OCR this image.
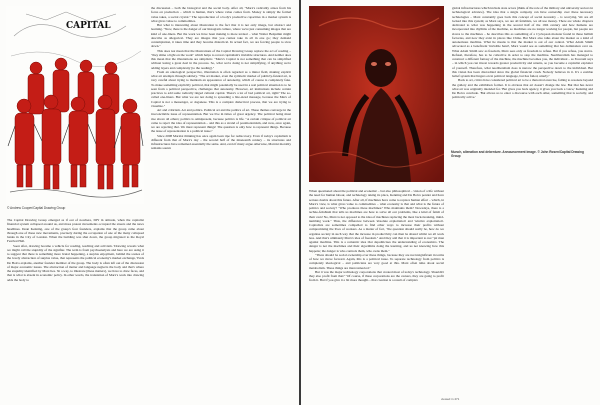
CAPITAL
© Andrew Cooper/Capital Drawing Group

The Capital Drawing Group emerged as if out of nowhere, DIY in attitude, when the capitalist financial system collapsed around us, and mass protest movements occupied the streets and the news headlines. Dean Kenning, one of the group's four founders, explains that the group came about through one of these new movements, precisely during the occupation of one of the many collapsed banks in the City of London. When the building was shut down, the group migrated to the Royal Festival Hall.

Soon after, drawing became a vehicle for reading, teaching and activism. 'Drawing reveals what we might call the stupidity of the signifier. The term is from psychoanalysis and here we are using it to suggest that there is something more brutal happening, a surplus enjoyment, behind the scenes of the lovely abstraction of surplus value, that represents the political economy's market exchange,' Ends De Bolca explains, another founder member of the group. The body is often left out of the discussion of major economic issues. The abstraction of matter and language neglects the body and that's where the stupidity identified by Marx lies. 'In a way, to illustrate [these matters], we have to draw faces, and that is what is absent in economic policy. In other words, the translation of Marx's work into drawing adds the body to

the discussion – both the biological and the social body. After all, "Marx's radicality arises from his focus on production – which is human, that's where value comes from. Money is simply the formal value takes, a social crystal." The reproduction of a body's productive capacities in a market system is what gives value to commodities.

But what is interesting about illustration is the fact that it is not only image, but abstract and learning. "Now, there is the danger of our Instagram culture, where we're just consuming images that are kind of one-liners. But the work we have been making is more textual – what Walter Benjamin might describe as allegorical. They are images that you cannot take in all in one go; they demand contemplation, it takes time and they become dialectical. In actual fact, we are forcing people to slow down."

This does not mean that the illustrations of the Capital Drawing Group replace the act of reading – "they shine a light on the work" which helps to reveal capitalism's invisible structures. And neither does this mean that the illustrations are simplistic. "Marx's Capital is not something that can be simplified without losing a great deal in the process. So, what we're doing is not simplifying, if anything we're adding layers and complexity [to the reading]."

From an ontological perspective, illustration is often regarded as a minor field, making explicit what art attempts through subtlety. "The art market, even the symbolic market of publicly-funded art, is very careful about trying to maintain an appearance of autonomy, which of course is completely fake. To make something explicitly political, that might potentially be used in a real political situation is to be seen from a political perspective, challenges that autonomy. However, art institutions include certain practices to add some radically tinged cultural capital. There's a lot of bad political art, right? The so-called one-liners. But what we are not doing is spreading a bite-sized message, because the Marx of Capital is not a messenger, or doganese. This is a complex dialectical process, that we are trying to visualize."

Art and criticism. Art and politics. Political art and the politics of art. These themes converge in the irreconcilable issue of representation. But we live in times of great urgency. The political being must rise above all others; politics is omnipresent, because politics is life. "A certain critique of political art came to reject the idea of representation – and this as a strand of postmodernism, and now, once again, we are rejecting that. We must represent things! The question is only how to represent things. Because the issue of representation is a political issue."

Since 2008 Marxist thinking has once again been ripe for rediscovery. Even if today's capitalism is different from that of Marx's day – the second half of the nineteenth century – its structures and infrastructures have remained essentially the same. And, even if many argue otherwise, Marxist morality remains sound.

Munch, alienation and debenture. Announcement image. © John Rosen/Capital Drawing Group

When questioned about the political and economic – but also philosophical – vision of a life without the need for human labour, and technology taking its place, Kenning and De Bolca ponder and have serious doubts about this future. After all, if machines have come to replace human effort – which, in Marx's view, is what gives value to commodities – what economy is that and what is the future of politics and society? "Who produces these machines? Who maintains them? Nowadays, there is a techno-fetishism that tells us machines are here to solve all our problems, like a kind of fetish of their own! No, Marx is not opposed to the idea of machines replacing the most back-breaking, mind-numbing work." Thus, the difference between 'absolute exploitation' and 'relative exploitation'. Capitalists are sometimes compelled to find other ways to increase their profits without compromising the lives of workers. As a matter of fact, "the question should really be, how do we organise society in such way that the increase in productivity can then be shared whilst we all work less. And that's ultimately Marx's idea of freedom." And they add that it is important to not "pit man against machine. This is a romantic idea that depoliticises the understanding of economics. The danger is not the machines and their algorithms doing the learning, and us not knowing how this happens; the danger is who controls them, who owns them."

"There should be social ownership over these things, because they are not insignificant in terms of how we move forward. Again, this is a political issue. To separate technology from politics is completely ideological – and politicians are very good at this. Marx often talks about social metabolism. These things are interconnected."

But it was the major technology corporations that created most of today's technology. Shouldn't they also profit from that? "Of course, if these corporations are the owners, they are going to profit from it. But if you give it a bit more thought... that creation is a result of complex

global infrastructures which include state actors (think of the role of the military and university sectors in technological advance). The idea that a single company can have ownership over these necessary technologies – Marx constantly goes back this concept of social necessity – is worrying. We are all locked into this system; as Marx says, we are all fetishists, we all use money. There are whole chapters dedicated to what was happening in the second half of the 19th century and how humans are incorporated into rhythms of the machine, so machines are no longer working for people, but people are slaves to the machines – he describes this as something of a Cyclopean monster found in these hellish factories, and now they exist in places like China. But Marx also talks about the market as a kind of autonomous machine. What he means is that the market is out of our control. What Adam Smith advocated as a beneficent 'invisible hand', Marx would see as something that has domination over us. What Adam Smith saw as freedom, Marx sees only as freedom to refuse. But if you refuse, you starve. Refusal, therefore, has to be collective in order to stop the machine. Neoliberalism has managed to construct a different fantasy of the machine, the machine becomes you, the individual – as Foucault says – in which you can invest towards greater productivity and returns, so you become a capitalist exploiter of yourself. Therefore, what neoliberalism does is narrow the perspective down to the individual. But this vision has been discredited since the global financial crash. Nobody believes in it. It's a zombie belief system that lingers on in political language, but has failed, utterly."

Back to art, critics have considered political art to be a rhetorical exercise, failing to resonate beyond the gallery and the exhibition format. It is obvious that art doesn't change the law. But that has never what art was originally intended for. 'But gives you back agency, it gives you back a voice,' Kenning and De Bolca conclude. 'But allows us to enter a discourse with each other, something that is socially, and politically active.'

viewed in 471
